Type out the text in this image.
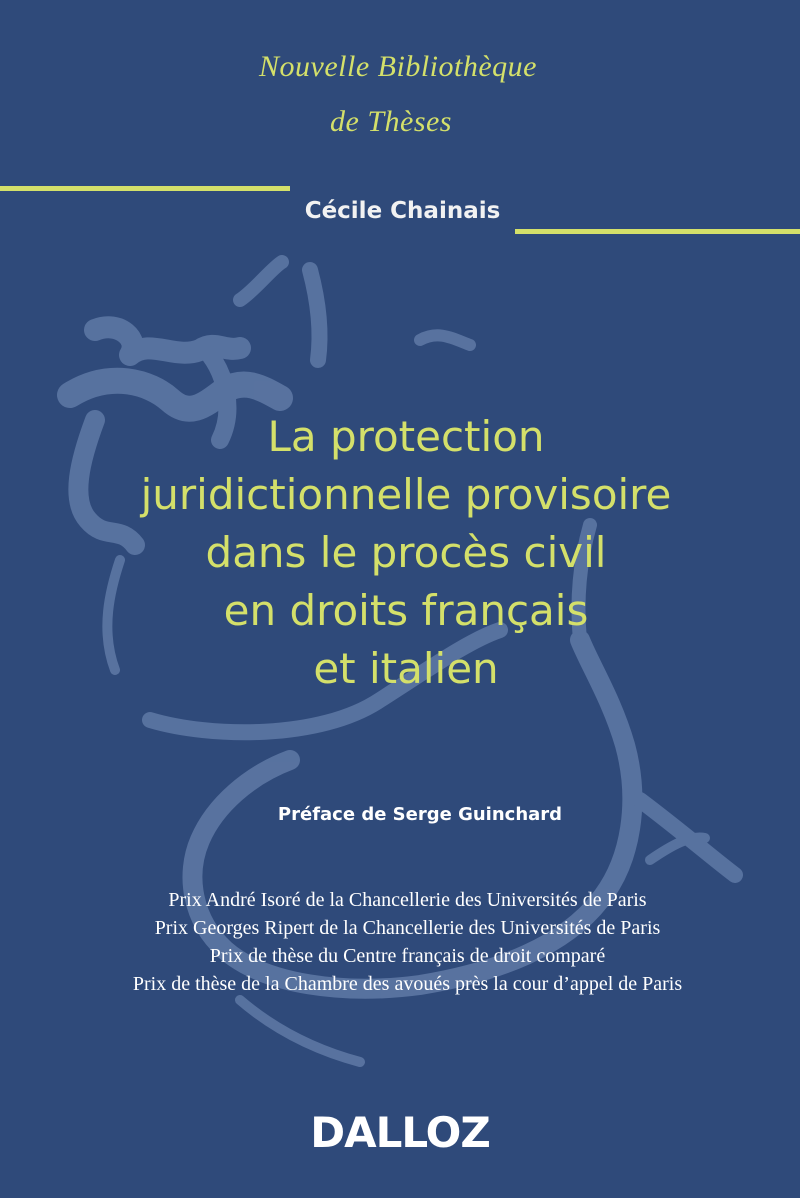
Nouvelle Bibliothèque
de Thèses
Cécile Chainais
La protection
juridictionnelle provisoire
dans le procès civil
en droits français
et italien
Préface de Serge Guinchard
Prix André Isoré de la Chancellerie des Universités de Paris
Prix Georges Ripert de la Chancellerie des Universités de Paris
Prix de thèse du Centre français de droit comparé
Prix de thèse de la Chambre des avoués près la cour d’appel de Paris
DALLOZ
